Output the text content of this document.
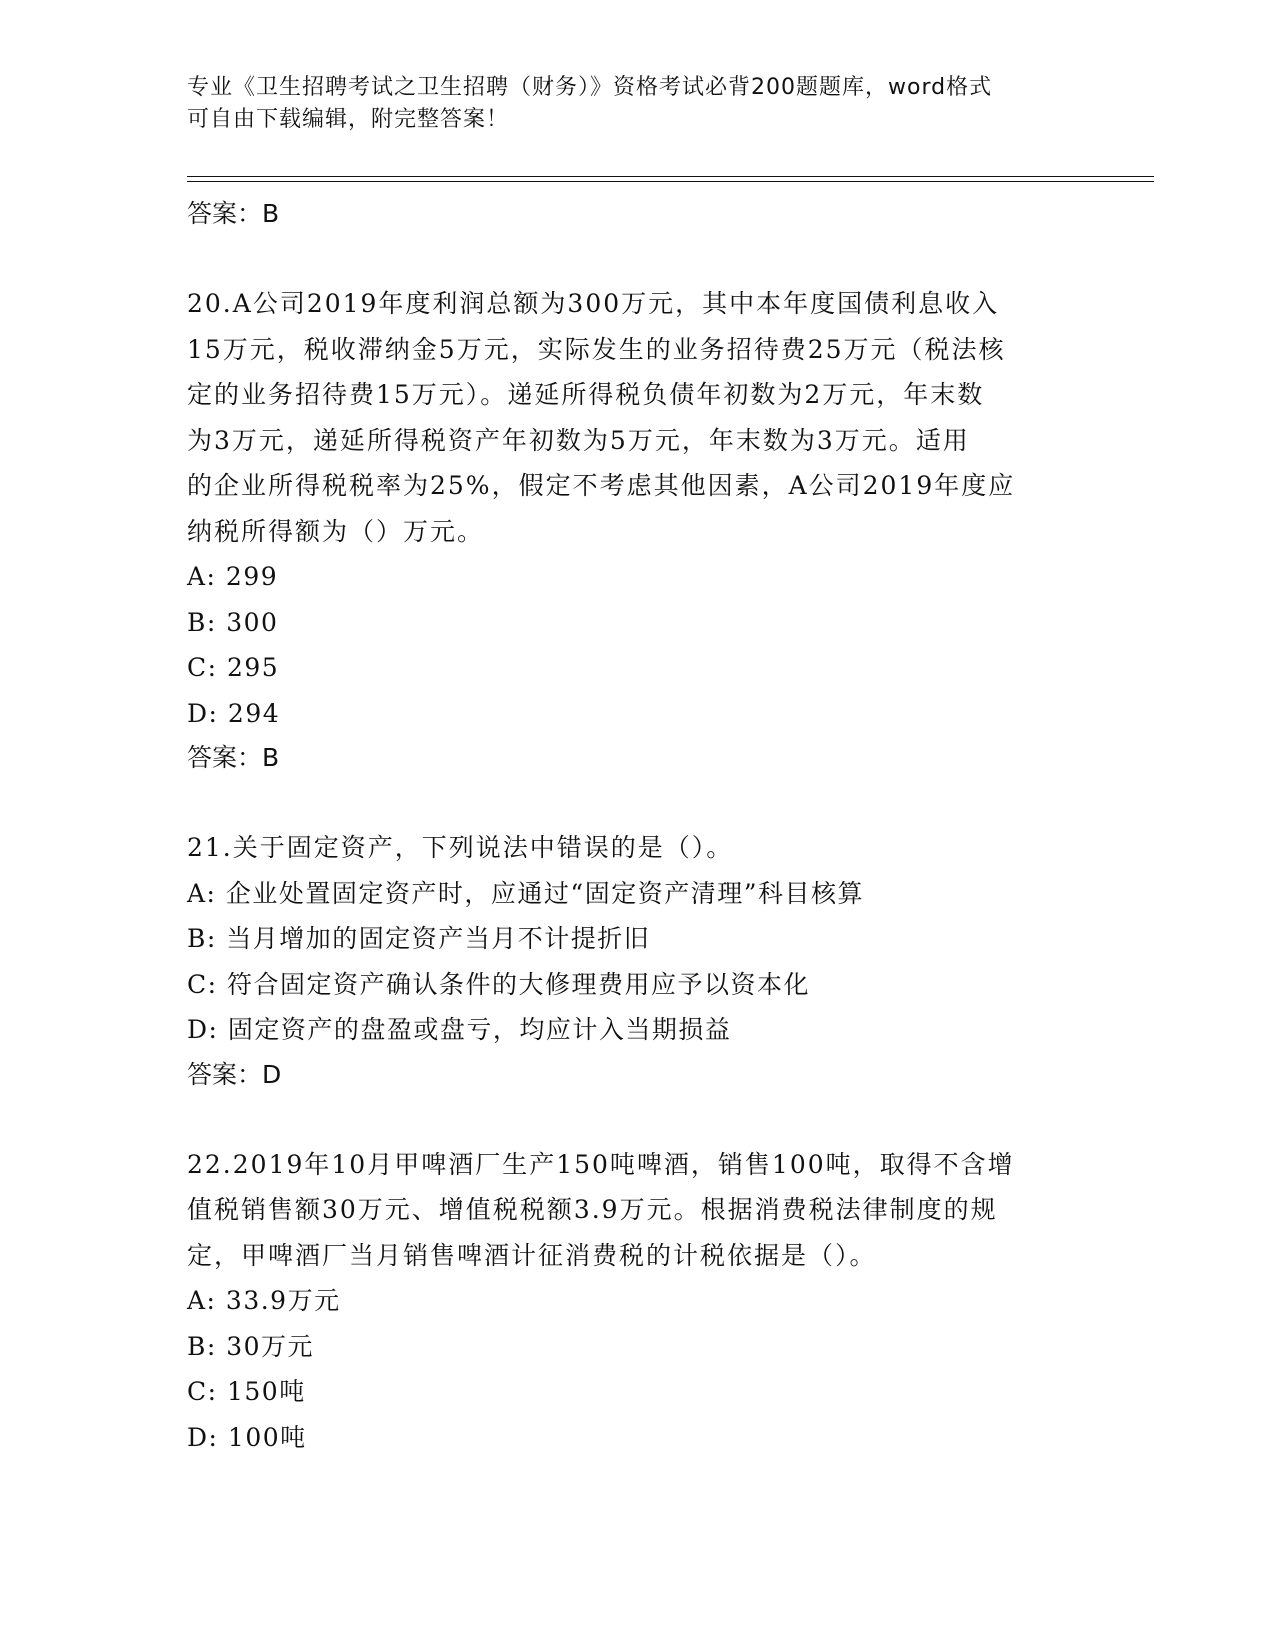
专业《卫生招聘考试之卫生招聘（财务）》资格考试必背200题题库，word格式
可自由下载编辑，附完整答案！
答案：B
20.A公司2019年度利润总额为300万元，其中本年度国债利息收入
15万元，税收滞纳金5万元，实际发生的业务招待费25万元（税法核
定的业务招待费15万元）。递延所得税负债年初数为2万元，年末数
为3万元，递延所得税资产年初数为5万元，年末数为3万元。适用
的企业所得税税率为25%，假定不考虑其他因素，A公司2019年度应
纳税所得额为（）万元。
A: 299
B: 300
C: 295
D: 294
答案：B
21.关于固定资产，下列说法中错误的是（）。
A: 企业处置固定资产时，应通过“固定资产清理”科目核算
B: 当月增加的固定资产当月不计提折旧
C: 符合固定资产确认条件的大修理费用应予以资本化
D: 固定资产的盘盈或盘亏，均应计入当期损益
答案：D
22.2019年10月甲啤酒厂生产150吨啤酒，销售100吨，取得不含增
值税销售额30万元、增值税税额3.9万元。根据消费税法律制度的规
定，甲啤酒厂当月销售啤酒计征消费税的计税依据是（）。
A: 33.9万元
B: 30万元
C: 150吨
D: 100吨
